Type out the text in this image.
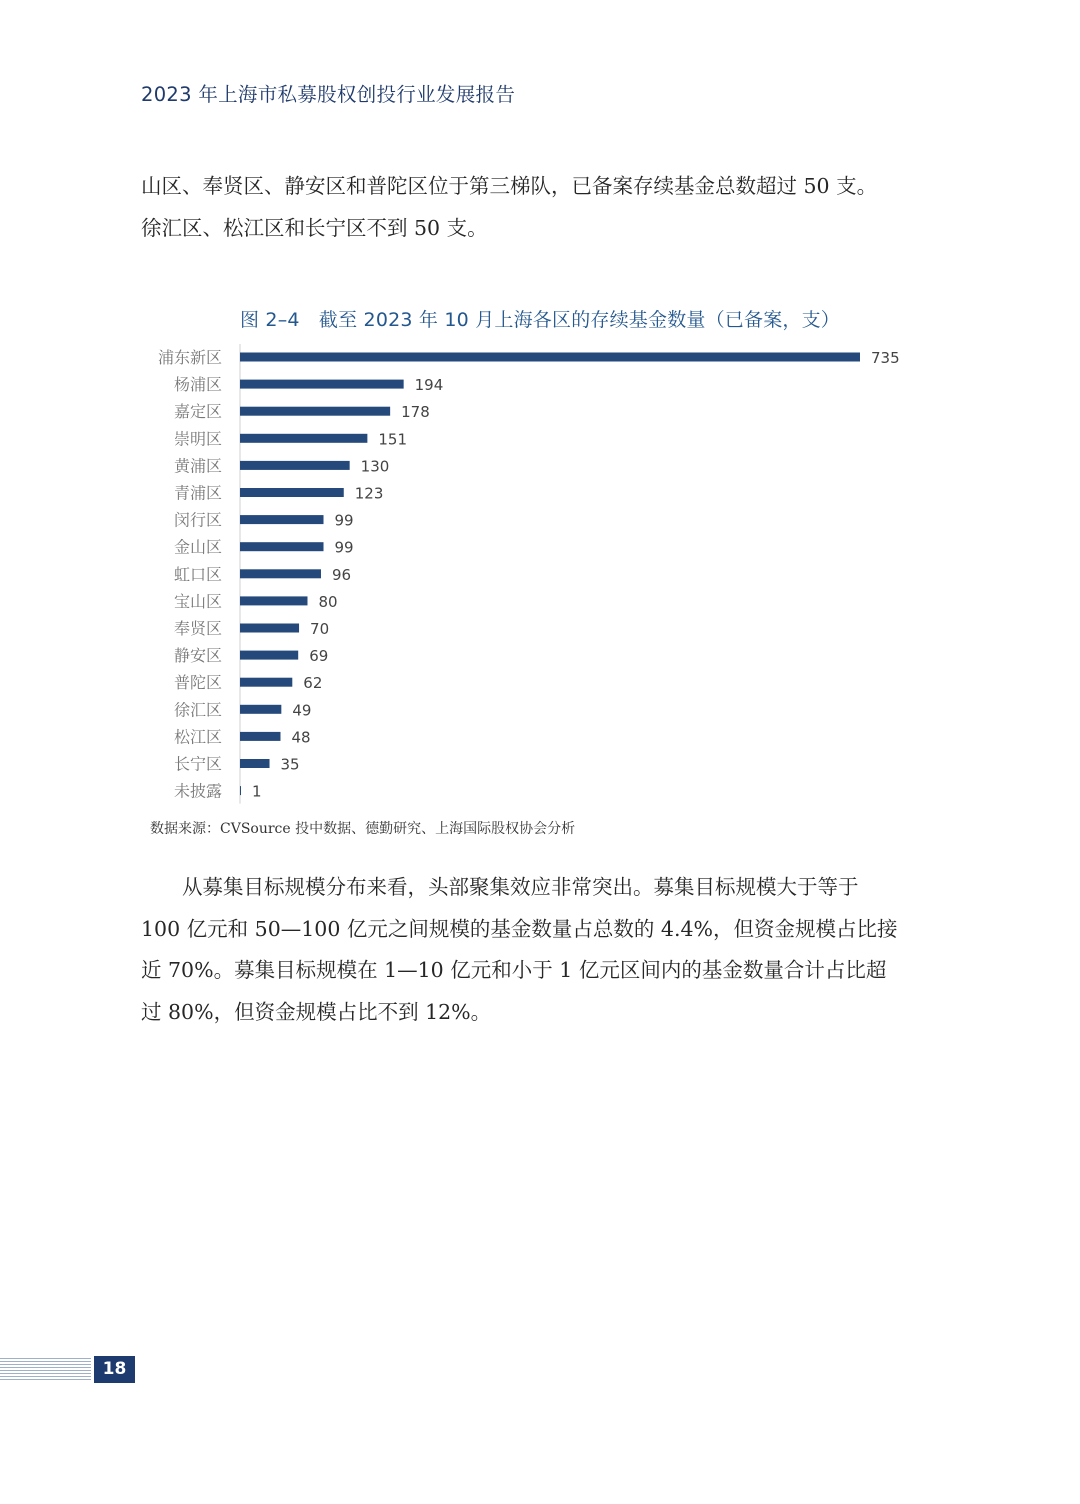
2023 年上海市私募股权创投行业发展报告

山区、奉贤区、静安区和普陀区位于第三梯队，已备案存续基金总数超过 50 支。
徐汇区、松江区和长宁区不到 50 支。

图 2–4　截至 2023 年 10 月上海各区的存续基金数量（已备案，支）
浦东新区	735
杨浦区	194
嘉定区	178
崇明区	151
黄浦区	130
青浦区	123
闵行区	99
金山区	99
虹口区	96
宝山区	80
奉贤区	70
静安区	69
普陀区	62
徐汇区	49
松江区	48
长宁区	35
未披露 1
数据来源：CVSource 投中数据、德勤研究、上海国际股权协会分析

从募集目标规模分布来看，头部聚集效应非常突出。募集目标规模大于等于
100 亿元和 50—100 亿元之间规模的基金数量占总数的 4.4%，但资金规模占比接
近 70%。募集目标规模在 1—10 亿元和小于 1 亿元区间内的基金数量合计占比超
过 80%，但资金规模占比不到 12%。

18
